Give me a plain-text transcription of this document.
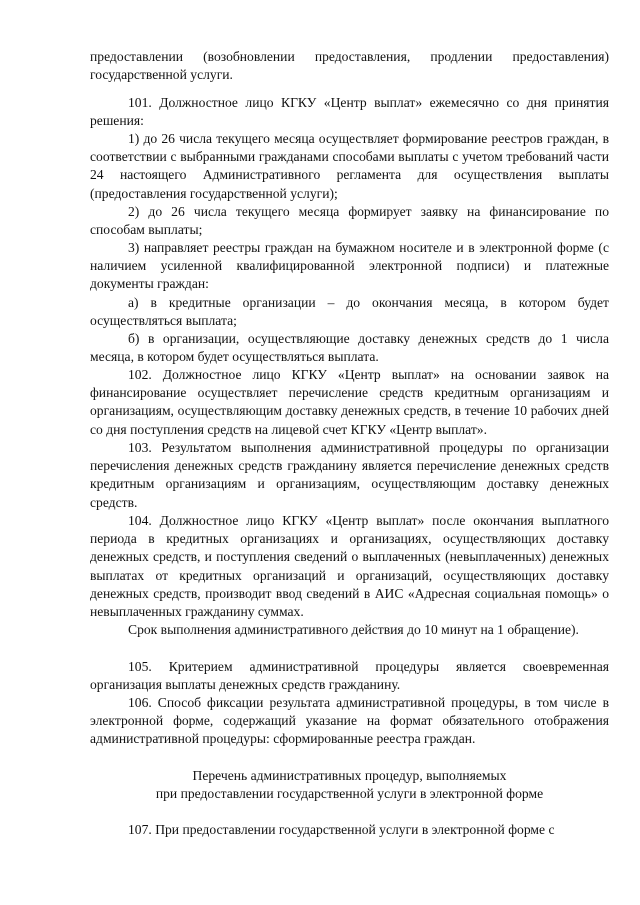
предоставлении (возобновлении предоставления, продлении предоставления) государственной услуги.

101. Должностное лицо КГКУ «Центр выплат» ежемесячно со дня принятия решения:

1) до 26 числа текущего месяца осуществляет формирование реестров граждан, в соответствии с выбранными гражданами способами выплаты с учетом требований части 24 настоящего Административного регламента для осуществления выплаты (предоставления государственной услуги);

2) до 26 числа текущего месяца формирует заявку на финансирование по способам выплаты;

3) направляет реестры граждан на бумажном носителе и в электронной форме (с наличием усиленной квалифицированной электронной подписи) и платежные документы граждан:

а) в кредитные организации – до окончания месяца, в котором будет осуществляться выплата;

б) в организации, осуществляющие доставку денежных средств до 1 числа месяца, в котором будет осуществляться выплата.

102. Должностное лицо КГКУ «Центр выплат» на основании заявок на финансирование осуществляет перечисление средств кредитным организациям и организациям, осуществляющим доставку денежных средств, в течение 10 рабочих дней со дня поступления средств на лицевой счет КГКУ «Центр выплат».

103. Результатом выполнения административной процедуры по организации перечисления денежных средств гражданину является перечисление денежных средств кредитным организациям и организациям, осуществляющим доставку денежных средств.

104. Должностное лицо КГКУ «Центр выплат» после окончания выплатного периода в кредитных организациях и организациях, осуществляющих доставку денежных средств, и поступления сведений о выплаченных (невыплаченных) денежных выплатах от кредитных организаций и организаций, осуществляющих доставку денежных средств, производит ввод сведений в АИС «Адресная социальная помощь» о невыплаченных гражданину суммах.

Срок выполнения административного действия до 10 минут на 1 обращение).

105. Критерием административной процедуры является своевременная организация выплаты денежных средств гражданину.

106. Способ фиксации результата административной процедуры, в том числе в электронной форме, содержащий указание на формат обязательного отображения административной процедуры: сформированные реестра граждан.

Перечень административных процедур, выполняемых

при предоставлении государственной услуги в электронной форме

107. При предоставлении государственной услуги в электронной форме с
